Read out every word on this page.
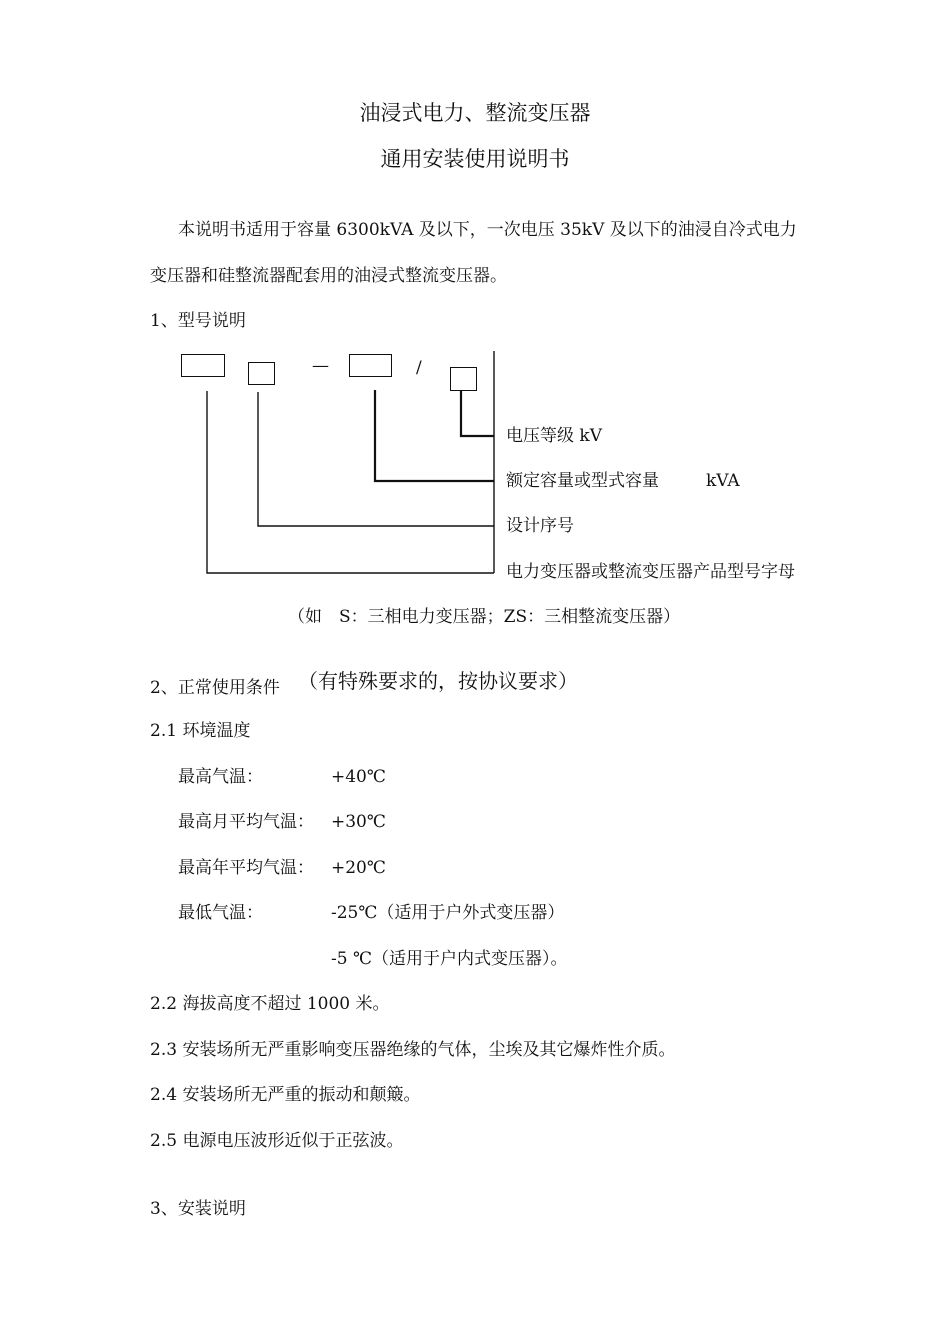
油浸式电力、整流变压器
通用安装使用说明书
本说明书适用于容量 6300kVA 及以下，一次电压 35kV 及以下的油浸自冷式电力
变压器和硅整流器配套用的油浸式整流变压器。
1、型号说明
—	/
电压等级 kV
额定容量或型式容量	kVA
设计序号
电力变压器或整流变压器产品型号字母
（如　S：三相电力变压器；ZS：三相整流变压器）
2、正常使用条件 （有特殊要求的，按协议要求）
2.1 环境温度
最高气温：	+40℃
最高月平均气温： +30℃
最高年平均气温： +20℃
最低气温：	-25℃（适用于户外式变压器）
-5 ℃（适用于户内式变压器）。
2.2 海拔高度不超过 1000 米。
2.3 安装场所无严重影响变压器绝缘的气体，尘埃及其它爆炸性介质。
2.4 安装场所无严重的振动和颠簸。
2.5 电源电压波形近似于正弦波。
3、安装说明
